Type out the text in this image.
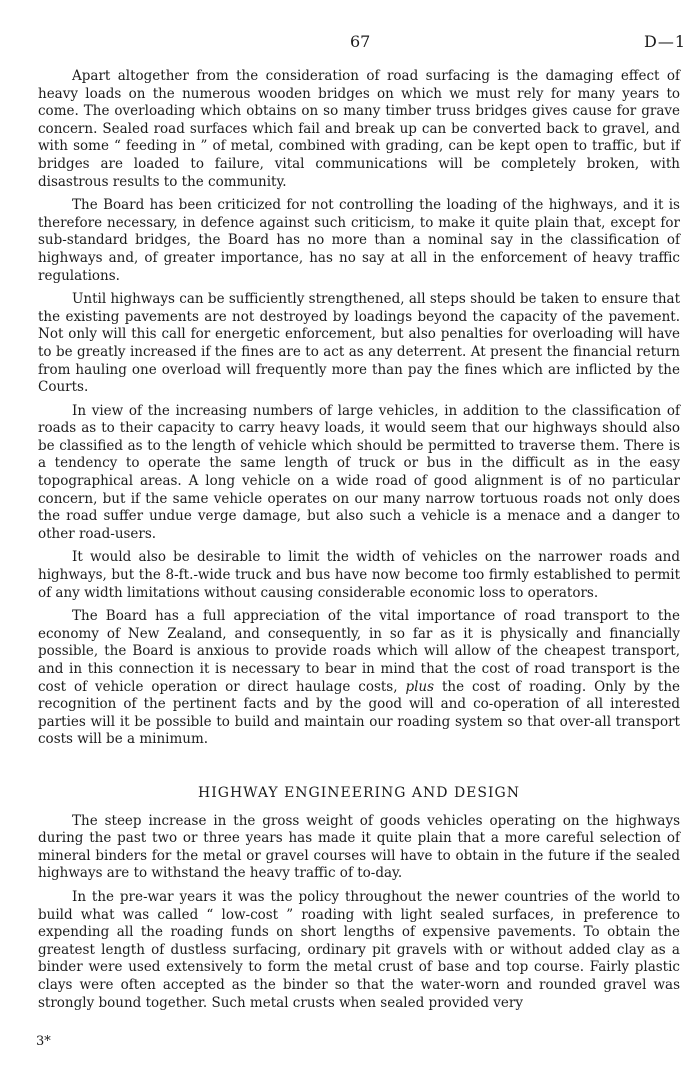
67	D—1

Apart altogether from the consideration of road surfacing is the damaging effect of heavy loads on the numerous wooden bridges on which we must rely for many years to come. The overloading which obtains on so many timber truss bridges gives cause for grave concern. Sealed road surfaces which fail and break up can be converted back to gravel, and with some “ feeding in ” of metal, combined with grading, can be kept open to traffic, but if bridges are loaded to failure, vital communications will be completely broken, with disastrous results to the community.

The Board has been criticized for not controlling the loading of the highways, and it is therefore necessary, in defence against such criticism, to make it quite plain that, except for sub-standard bridges, the Board has no more than a nominal say in the classification of highways and, of greater importance, has no say at all in the enforcement of heavy traffic regulations.

Until highways can be sufficiently strengthened, all steps should be taken to ensure that the existing pavements are not destroyed by loadings beyond the capacity of the pavement. Not only will this call for energetic enforcement, but also penalties for overloading will have to be greatly increased if the fines are to act as any deterrent. At present the financial return from hauling one overload will frequently more than pay the fines which are inflicted by the Courts.

In view of the increasing numbers of large vehicles, in addition to the classification of roads as to their capacity to carry heavy loads, it would seem that our highways should also be classified as to the length of vehicle which should be permitted to traverse them. There is a tendency to operate the same length of truck or bus in the difficult as in the easy topographical areas. A long vehicle on a wide road of good alignment is of no particular concern, but if the same vehicle operates on our many narrow tortuous roads not only does the road suffer undue verge damage, but also such a vehicle is a menace and a danger to other road-users.

It would also be desirable to limit the width of vehicles on the narrower roads and highways, but the 8-ft.-wide truck and bus have now become too firmly established to permit of any width limitations without causing considerable economic loss to operators.

The Board has a full appreciation of the vital importance of road transport to the economy of New Zealand, and consequently, in so far as it is physically and financially possible, the Board is anxious to provide roads which will allow of the cheapest transport, and in this connection it is necessary to bear in mind that the cost of road transport is the cost of vehicle operation or direct haulage costs, plus the cost of roading. Only by the recognition of the pertinent facts and by the good will and co-operation of all interested parties will it be possible to build and maintain our roading system so that over-all transport costs will be a minimum.

HIGHWAY ENGINEERING AND DESIGN

The steep increase in the gross weight of goods vehicles operating on the highways during the past two or three years has made it quite plain that a more careful selection of mineral binders for the metal or gravel courses will have to obtain in the future if the sealed highways are to withstand the heavy traffic of to-day.

In the pre-war years it was the policy throughout the newer countries of the world to build what was called “ low-cost ” roading with light sealed surfaces, in preference to expending all the roading funds on short lengths of expensive pavements. To obtain the greatest length of dustless surfacing, ordinary pit gravels with or without added clay as a binder were used extensively to form the metal crust of base and top course. Fairly plastic clays were often accepted as the binder so that the water-worn and rounded gravel was strongly bound together. Such metal crusts when sealed provided very

3*
